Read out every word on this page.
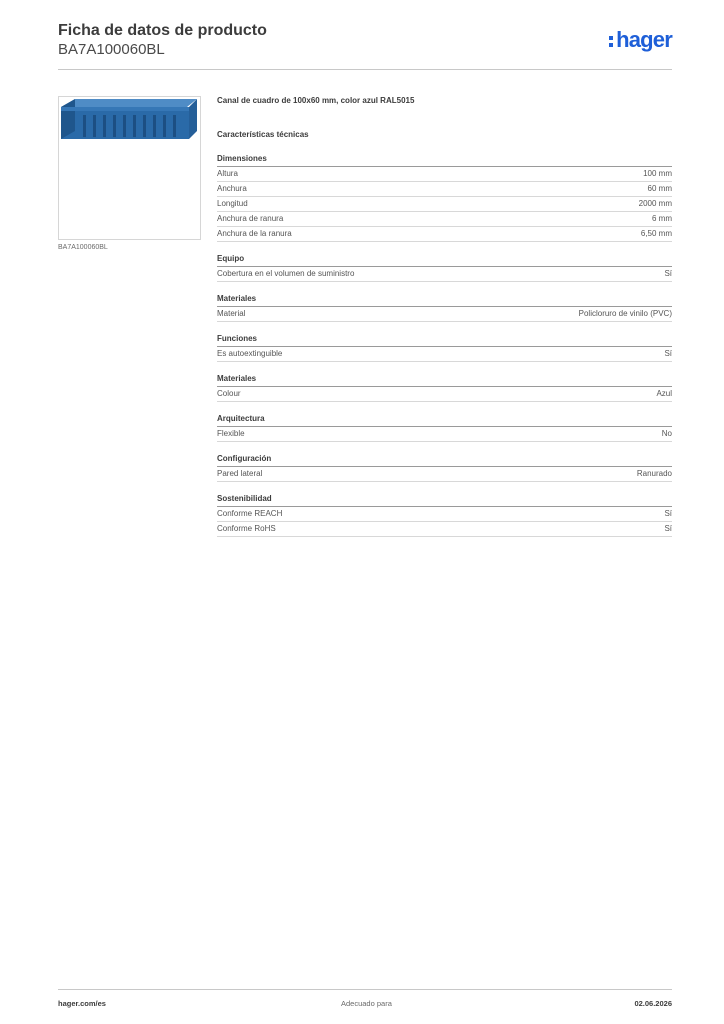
Ficha de datos de producto
BA7A100060BL	hager
BA7A100060BL
Canal de cuadro de 100x60 mm, color azul RAL5015
Características técnicas
Dimensiones
Altura	100 mm
Anchura	60 mm
Longitud	2000 mm
Anchura de ranura	6 mm
Anchura de la ranura	6,50 mm
Equipo
Cobertura en el volumen de suministro	Sí
Materiales
Material	Policloruro de vinilo (PVC)
Funciones
Es autoextinguible	Sí
Materiales
Colour	Azul
Arquitectura
Flexible	No
Configuración
Pared lateral	Ranurado
Sostenibilidad
Conforme REACH	Sí
Conforme RoHS	Sí
hager.com/es	Adecuado para	02.06.2026
